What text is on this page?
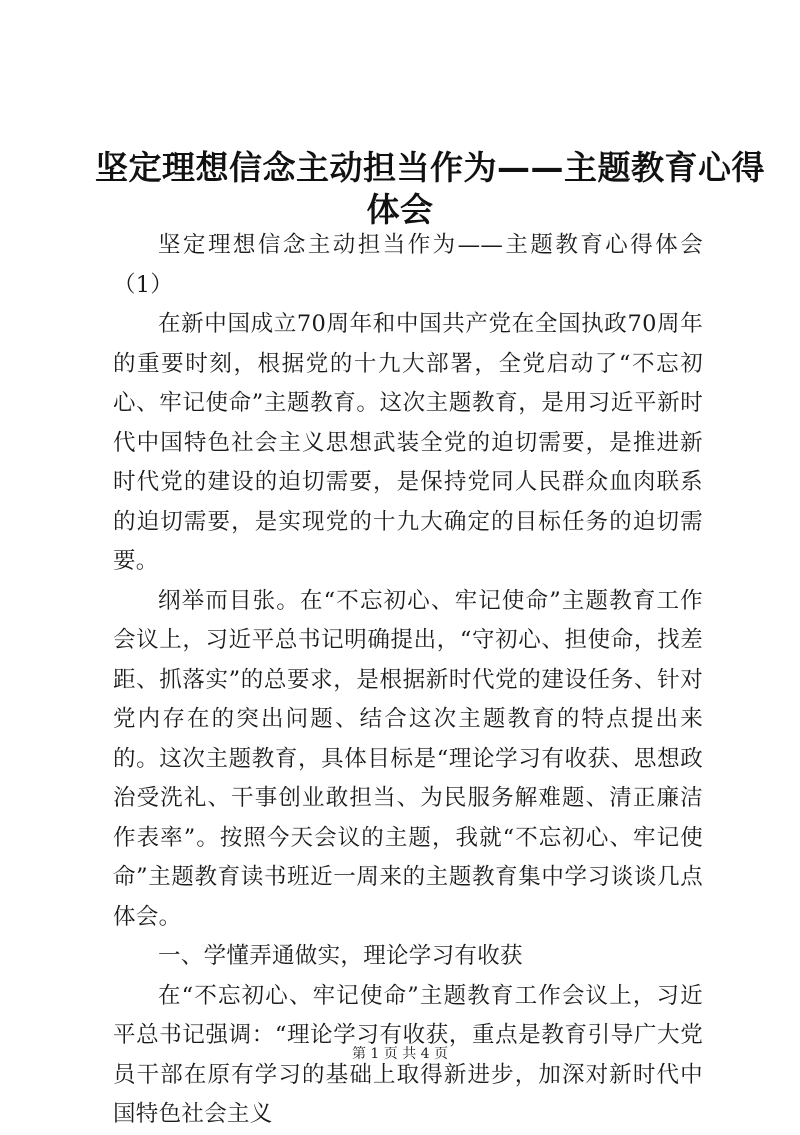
坚定理想信念主动担当作为——主题教育心得
体会

坚定理想信念主动担当作为——主题教育心得体会（1）

在新中国成立70周年和中国共产党在全国执政70周年的重要时刻，根据党的十九大部署，全党启动了“不忘初心、牢记使命”主题教育。这次主题教育，是用习近平新时代中国特色社会主义思想武装全党的迫切需要，是推进新时代党的建设的迫切需要，是保持党同人民群众血肉联系的迫切需要，是实现党的十九大确定的目标任务的迫切需要。

纲举而目张。在“不忘初心、牢记使命”主题教育工作会议上，习近平总书记明确提出，“守初心、担使命，找差距、抓落实”的总要求，是根据新时代党的建设任务、针对党内存在的突出问题、结合这次主题教育的特点提出来的。这次主题教育，具体目标是“理论学习有收获、思想政治受洗礼、干事创业敢担当、为民服务解难题、清正廉洁作表率”。按照今天会议的主题，我就“不忘初心、牢记使命”主题教育读书班近一周来的主题教育集中学习谈谈几点体会。

一、学懂弄通做实，理论学习有收获

在“不忘初心、牢记使命”主题教育工作会议上，习近平总书记强调：“理论学习有收获，重点是教育引导广大党员干部在原有学习的基础上取得新进步，加深对新时代中国特色社会主义

第 1 页 共 4 页
